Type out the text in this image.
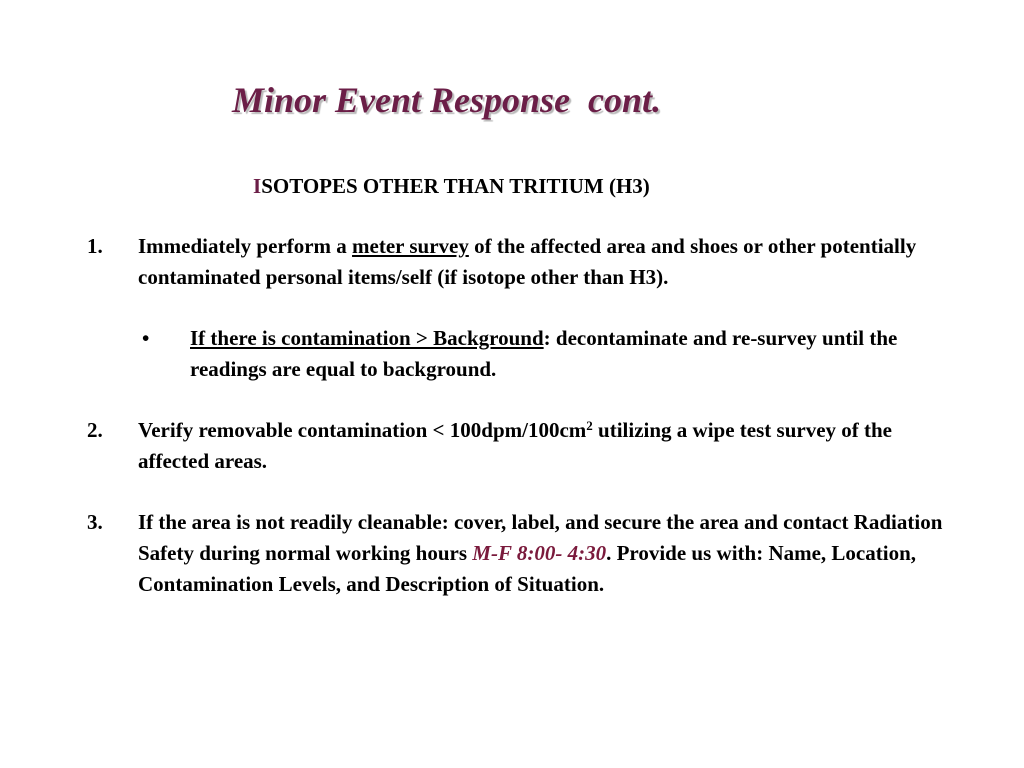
Minor Event Response  cont.
ISOTOPES OTHER THAN TRITIUM (H3)
1. Immediately perform a meter survey of the affected area and shoes or other potentially contaminated personal items/self (if isotope other than H3).
• If there is contamination > Background: decontaminate and re-survey until the readings are equal to background.
2. Verify removable contamination < $100dpm/100cm^2$ utilizing a wipe test survey of the affected areas.
3. If the area is not readily cleanable: cover, label, and secure the area and contact Radiation Safety during normal working hours M-F 8:00- 4:30. Provide us with: Name, Location, Contamination Levels, and Description of Situation.
